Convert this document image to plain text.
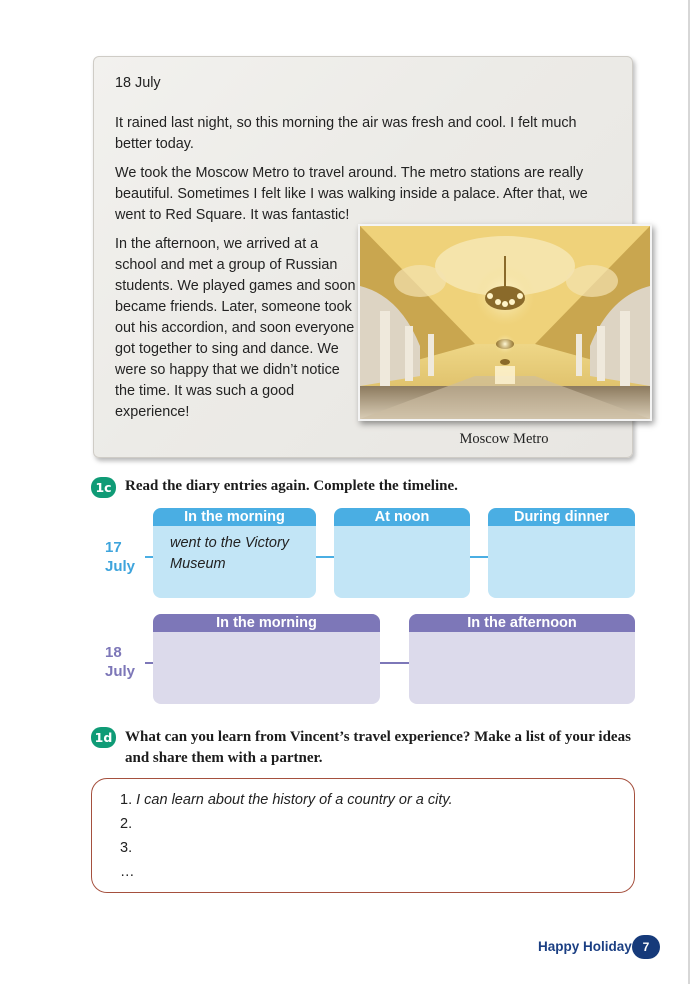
18 July
It rained last night, so this morning the air was fresh and cool. I felt much better today.
We took the Moscow Metro to travel around. The metro stations are really beautiful. Sometimes I felt like I was walking inside a palace. After that, we went to Red Square. It was fantastic!
In the afternoon, we arrived at a school and met a group of Russian students. We played games and soon became friends. Later, someone took out his accordion, and soon everyone got together to sing and dance. We were so happy that we didn’t notice the time. It was such a good experience!
Moscow Metro
1c Read the diary entries again. Complete the timeline.
17
July
In the morning
went to the Victory
Museum
At noon	During dinner
18
July
In the morning	In the afternoon
1d What can you learn from Vincent’s travel experience? Make a list of your ideas
and share them with a partner.
1. I can learn about the history of a country or a city.
2.
3.
…
Happy Holiday 7
